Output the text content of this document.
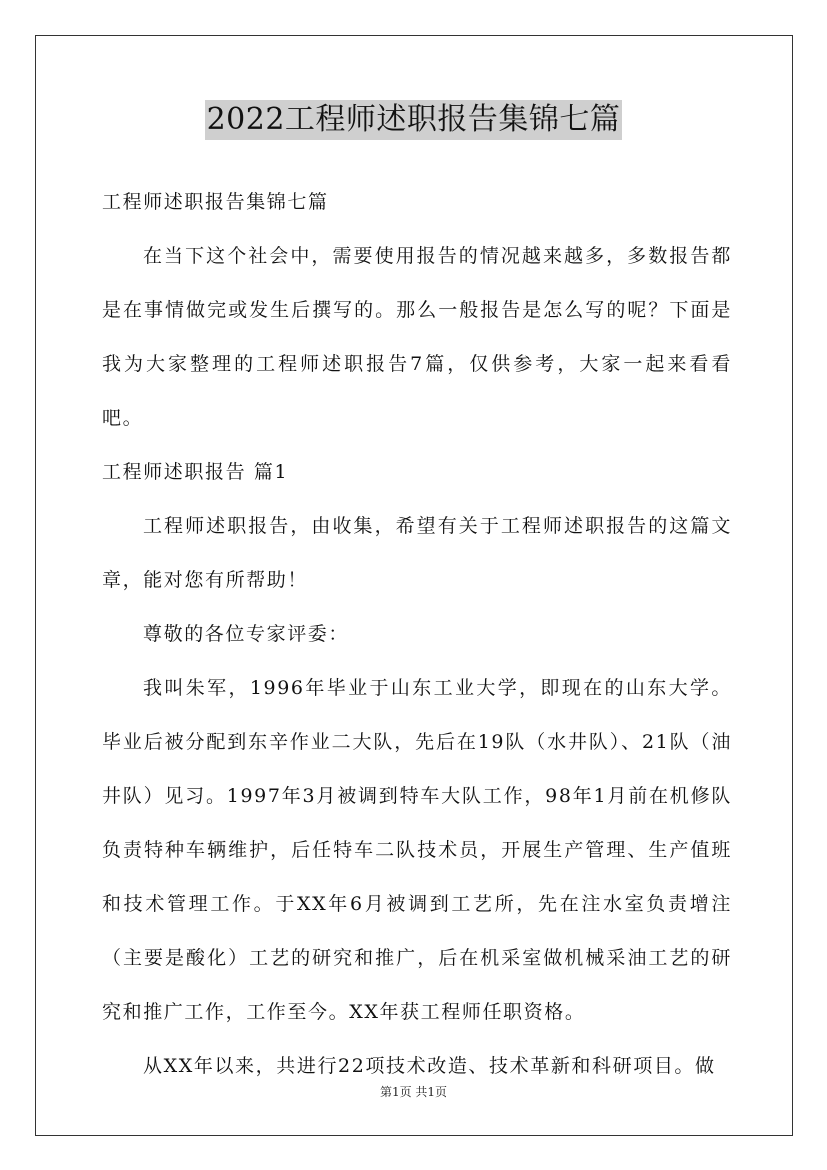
2022工程师述职报告集锦七篇

工程师述职报告集锦七篇

在当下这个社会中，需要使用报告的情况越来越多，多数报告都是在事情做完或发生后撰写的。那么一般报告是怎么写的呢？下面是我为大家整理的工程师述职报告7篇，仅供参考，大家一起来看看吧。

工程师述职报告 篇1

工程师述职报告，由收集，希望有关于工程师述职报告的这篇文章，能对您有所帮助！

尊敬的各位专家评委：

我叫朱军，1996年毕业于山东工业大学，即现在的山东大学。毕业后被分配到东辛作业二大队，先后在19队（水井队）、21队（油井队）见习。1997年3月被调到特车大队工作，98年1月前在机修队负责特种车辆维护，后任特车二队技术员，开展生产管理、生产值班和技术管理工作。于XX年6月被调到工艺所，先在注水室负责增注（主要是酸化）工艺的研究和推广，后在机采室做机械采油工艺的研究和推广工作，工作至今。XX年获工程师任职资格。

从XX年以来，共进行22项技术改造、技术革新和科研项目。做

第1页 共1页
